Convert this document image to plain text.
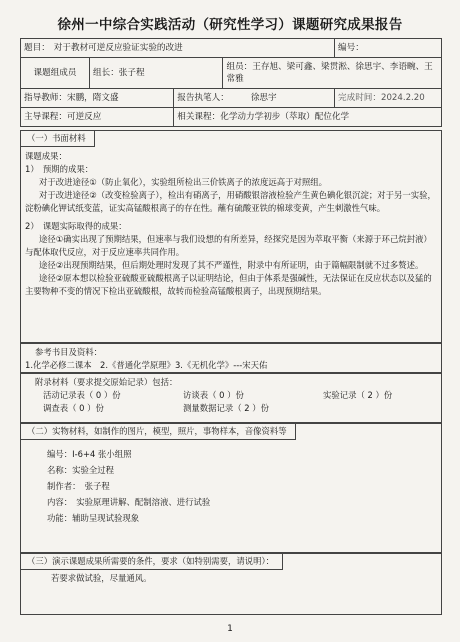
徐州一中综合实践活动（研究性学习）课题研究成果报告
题目： 对于教材可逆反应验证实验的改进				编号：
课题组成员	组长：张子程		组员：王存旭、梁可鑫、梁贯淞、徐思宇、李语畹、王常雅	
指导教师：宋鹏，隋文盛		报告执笔人： 徐思宇		完成时间：2024.2.20
主导课程：可逆反应		相关课程：化学动力学初步（萃取）配位化学		
（一）书面材料

课题成果：

1）　预期的成果：

对于改进途径①（防止氧化），实验组所检出三价铁离子的浓度远高于对照组。

对于改进途径②（改变检验离子），检出有硝离子，用硝酸银溶液检验产生黄色碘化银沉淀；对于另一实验，淀粉碘化钾试纸变蓝，证实高锰酸根离子的存在性。蘸有硫酸亚铁的棉球变黄，产生刺激性气味。

2）　课题实际取得的成果：

途径①确实出现了预期结果，但速率与我们设想的有所差异，经探究是因为萃取平衡（来源于环己烷封液）与配体取代反应，对于反应速率共同作用。

途径②出现预期结果，但后期处理时发现了其不严谨性，附录中有所证明，由于篇幅限制就不过多赘述。

途径②原本想以检验亚硫酸亚硫酸根离子以证明结论，但由于体系是强碱性，无法保证在反应状态以及猛的主要物种不变的情况下检出亚硫酸根，故转而检验高锰酸根离子，出现预期结果。

参考书目及资料：

1.化学必修二课本　2.《普通化学原理》3.《无机化学》---宋天佑

附录材料（要求提交原始记录）包括：

活动记录表（ 0 ）份	访谈表（ 0 ）份	实验记录（ 2 ）份
调查表（ 0 ）份	测量数据记录（ 2 ）份
（二）实物材料，如制作的图片，模型，照片，事物样本，音像资料等

编号：I-6+4 张小组照

名称：实验全过程

制作者：　张子程

内容：　实验原理讲解、配制溶液、进行试验

功能：辅助呈现试验现象

（三）演示课题成果所需要的条件，要求（如特别需要，请说明）：

若要求做试验，尽量通风。

1
